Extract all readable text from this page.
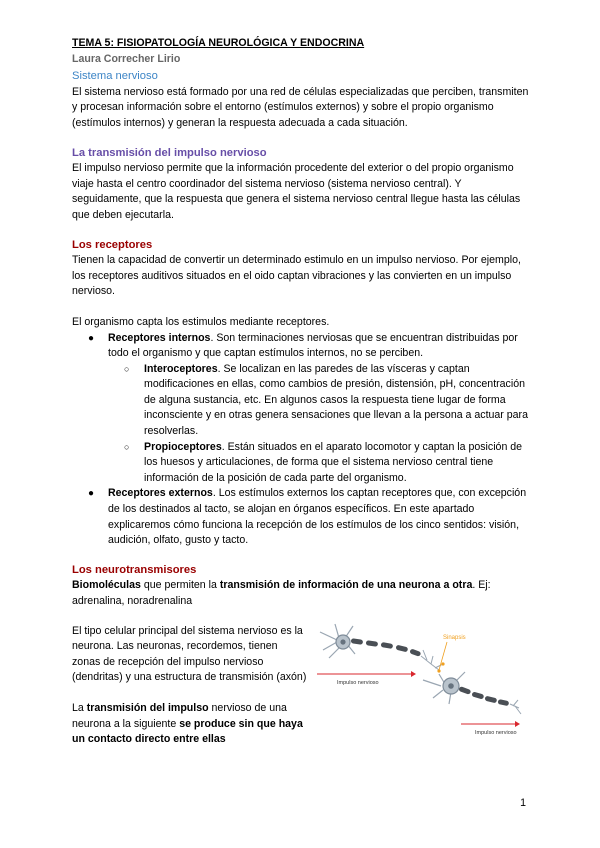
TEMA 5: FISIOPATOLOGÍA NEUROLÓGICA Y ENDOCRINA
Laura Correcher Lirio
Sistema nervioso

El sistema nervioso está formado por una red de células especializadas que perciben, transmiten y procesan información sobre el entorno (estímulos externos) y sobre el propio organismo (estímulos internos) y generan la respuesta adecuada a cada situación.

La transmisión del impulso nervioso

El impulso nervioso permite que la información procedente del exterior o del propio organismo viaje hasta el centro coordinador del sistema nervioso (sistema nervioso central). Y seguidamente, que la respuesta que genera el sistema nervioso central llegue hasta las células que deben ejecutarla.

Los receptores

Tienen la capacidad de convertir un determinado estimulo en un impulso nervioso. Por ejemplo, los receptores auditivos situados en el oido captan vibraciones y las convierten en un impulso nervioso.

El organismo capta los estimulos mediante receptores.

● Receptores internos. Son terminaciones nerviosas que se encuentran distribuidas por todo el organismo y que captan estímulos internos, no se perciben.
○ Interoceptores. Se localizan en las paredes de las vísceras y captan modificaciones en ellas, como cambios de presión, distensión, pH, concentración de alguna sustancia, etc. En algunos casos la respuesta tiene lugar de forma inconsciente y en otras genera sensaciones que llevan a la persona a actuar para resolverlas.
○ Propioceptores. Están situados en el aparato locomotor y captan la posición de los huesos y articulaciones, de forma que el sistema nervioso central tiene información de la posición de cada parte del organismo.
● Receptores externos. Los estímulos externos los captan receptores que, con excepción de los destinados al tacto, se alojan en órganos específicos. En este apartado explicaremos cómo funciona la recepción de los estímulos de los cinco sentidos: visión, audición, olfato, gusto y tacto.
Los neurotransmisores

Biomoléculas que permiten la transmisión de información de una neurona a otra. Ej: adrenalina, noradrenalina

El tipo celular principal del sistema nervioso es la neurona. Las neuronas, recordemos, tienen zonas de recepción del impulso nervioso (dendritas) y una estructura de transmisión (axón)

La transmisión del impulso nervioso de una neurona a la siguiente se produce sin que haya un contacto directo entre ellas

Sinapsis
Impulso nervioso
Impulso nervioso
1
